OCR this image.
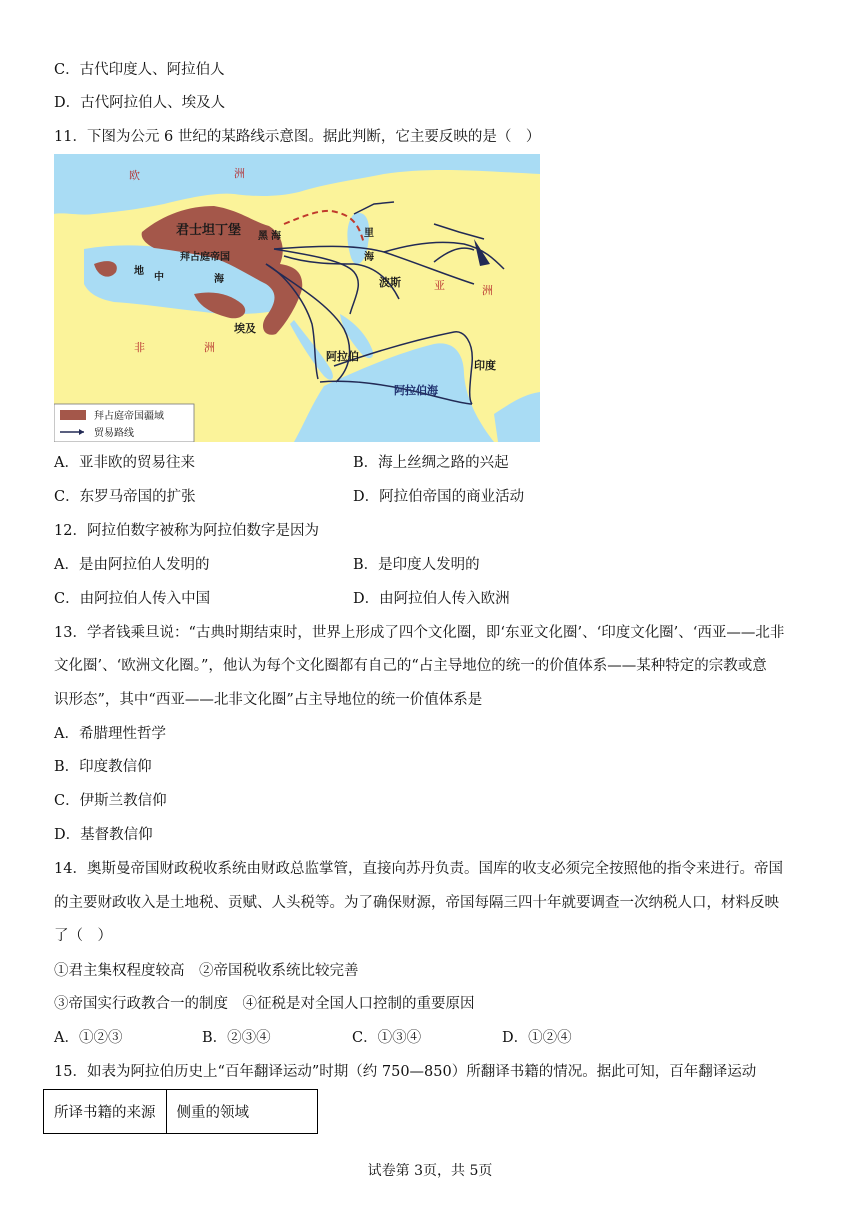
C．古代印度人、阿拉伯人
D．古代阿拉伯人、埃及人
11．下图为公元 6 世纪的某路线示意图。据此判断，它主要反映的是（　）
欧	洲
非	洲
亚	洲
君士坦丁堡 黑 海	里
海
拜占庭帝国
地
中	海
埃及
波斯
阿拉伯
阿拉伯海
印度
拜占庭帝国疆域
贸易路线
A．亚非欧的贸易往来	B．海上丝绸之路的兴起
C．东罗马帝国的扩张	D．阿拉伯帝国的商业活动
12．阿拉伯数字被称为阿拉伯数字是因为
A．是由阿拉伯人发明的	B．是印度人发明的
C．由阿拉伯人传入中国	D．由阿拉伯人传入欧洲
13．学者钱乘旦说：“古典时期结束时，世界上形成了四个文化圈，即‘东亚文化圈’、‘印度文化圈’、‘西亚——北非
文化圈’、‘欧洲文化圈。”，他认为每个文化圈都有自己的“占主导地位的统一的价值体系——某种特定的宗教或意
识形态”，其中“西亚——北非文化圈”占主导地位的统一价值体系是
A．希腊理性哲学
B．印度教信仰
C．伊斯兰教信仰
D．基督教信仰
14．奥斯曼帝国财政税收系统由财政总监掌管，直接向苏丹负责。国库的收支必须完全按照他的指令来进行。帝国
的主要财政收入是土地税、贡赋、人头税等。为了确保财源，帝国每隔三四十年就要调查一次纳税人口，材料反映
了（　）
①君主集权程度较高　②帝国税收系统比较完善
③帝国实行政教合一的制度　④征税是对全国人口控制的重要原因
A．①②③	B．②③④	C．①③④	D．①②④
15．如表为阿拉伯历史上“百年翻译运动”时期（约 750—850）所翻译书籍的情况。据此可知，百年翻译运动
所译书籍的来源	侧重的领域
试卷第 3页，共 5页
